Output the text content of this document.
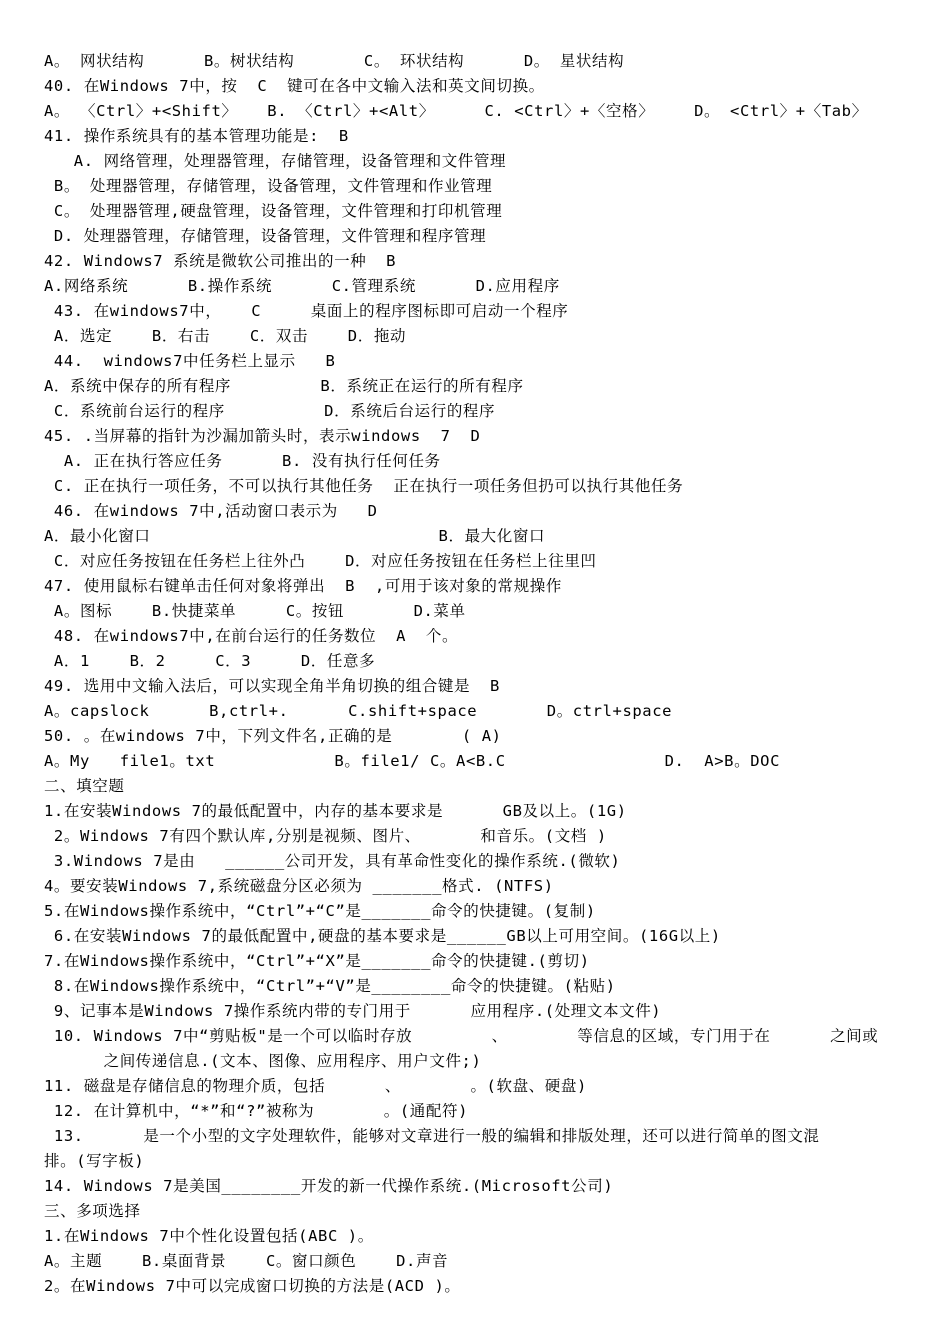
A。 网状结构      B。树状结构       C。 环状结构      D。 星状结构
40. 在Windows 7中，按  C  键可在各中文输入法和英文间切换。
A。 〈Ctrl〉+<Shift〉   B. 〈Ctrl〉+<Alt〉     C. <Ctrl〉+〈空格〉    D。 <Ctrl〉+〈Tab〉
41. 操作系统具有的基本管理功能是:  B
A. 网络管理，处理器管理，存储管理，设备管理和文件管理
B。 处理器管理，存储管理，设备管理，文件管理和作业管理
C。 处理器管理,硬盘管理，设备管理，文件管理和打印机管理
D. 处理器管理，存储管理，设备管理，文件管理和程序管理
42. Windows7 系统是微软公司推出的一种  B
A.网络系统      B.操作系统      C.管理系统      D.应用程序
43. 在windows7中，   C     桌面上的程序图标即可启动一个程序
A．选定    B．右击    C．双击    D．拖动
44.  windows7中任务栏上显示   B
A．系统中保存的所有程序         B．系统正在运行的所有程序
C．系统前台运行的程序          D．系统后台运行的程序
45. .当屏幕的指针为沙漏加箭头时，表示windows  7  D
A. 正在执行答应任务      B. 没有执行任何任务
C. 正在执行一项任务，不可以执行其他任务  正在执行一项任务但扔可以执行其他任务
46. 在windows 7中,活动窗口表示为   D
A．最小化窗口                             B．最大化窗口
C．对应任务按钮在任务栏上往外凸    D．对应任务按钮在任务栏上往里凹
47. 使用鼠标右键单击任何对象将弹出  B  ,可用于该对象的常规操作
A。图标    B.快捷菜单     C。按钮       D.菜单
48. 在windows7中,在前台运行的任务数位  A  个。
A．1    B．2     C．3     D．任意多
49. 选用中文输入法后，可以实现全角半角切换的组合键是  B
A。capslock      B,ctrl+.      C.shift+space       D。ctrl+space
50. 。在windows 7中，下列文件名,正确的是       ( A)
A。My   file1。txt            B。file1/ C。A<B.C                D.  A>B。DOC
二、填空题
1.在安装Windows 7的最低配置中，内存的基本要求是      GB及以上。(1G)
2。Windows 7有四个默认库,分别是视频、图片、      和音乐。(文档 )
3.Windows 7是由   ______公司开发，具有革命性变化的操作系统.(微软)
4。要安装Windows 7,系统磁盘分区必须为 _______格式. (NTFS)
5.在Windows操作系统中，“Ctrl”+“C”是_______命令的快捷键。(复制)
6.在安装Windows 7的最低配置中,硬盘的基本要求是______GB以上可用空间。(16G以上)
7.在Windows操作系统中，“Ctrl”+“X”是_______命令的快捷键.(剪切)
8.在Windows操作系统中，“Ctrl”+“V”是________命令的快捷键。(粘贴)
9、记事本是Windows 7操作系统内带的专门用于      应用程序.(处理文本文件)
10. Windows 7中“剪贴板"是一个可以临时存放        、       等信息的区域，专门用于在      之间或
之间传递信息.(文本、图像、应用程序、用户文件;)
11. 磁盘是存储信息的物理介质，包括      、       。(软盘、硬盘)
12. 在计算机中，“*”和“?”被称为       。(通配符)
13.      是一个小型的文字处理软件，能够对文章进行一般的编辑和排版处理，还可以进行简单的图文混
排。(写字板)
14. Windows 7是美国________开发的新一代操作系统.(Microsoft公司)
三、多项选择
1.在Windows 7中个性化设置包括(ABC )。
A。主题    B.桌面背景    C。窗口颜色    D.声音
2。在Windows 7中可以完成窗口切换的方法是(ACD )。
